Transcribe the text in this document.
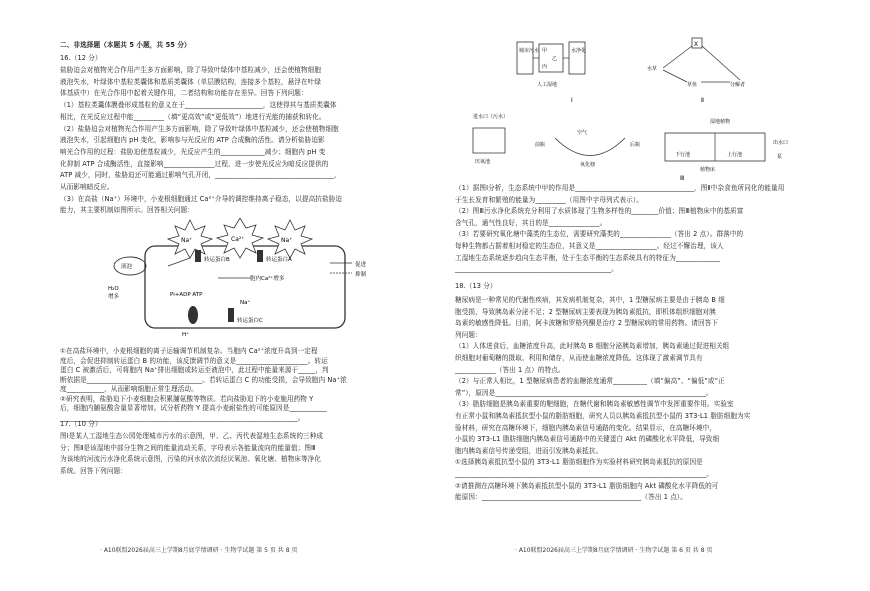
二、非选择题（本题共 5 小题，共 55 分）
16.（12 分）
盐胁迫会对植物光合作用产生多方面影响，除了导致叶绿体中基粒减少，还会使植物细胞
液泡失水，叶绿体中基粒类囊体和基质类囊体（单层膜结构，连接多个基粒，悬浮在叶绿
体基质中）在光合作用中起着关键作用，二者结构和功能存在差异。回答下列问题：
（1）基粒类囊体膜叠形成基粒的意义在于_______________________，这使得其与基质类囊体
相比，在光反应过程中能_________（填“更高效”或“更低效”）地进行光能的捕获和转化。
（2）盐胁迫会对植物光合作用产生多方面影响，除了导致叶绿体中基粒减少，还会使植物细胞
液泡失水，引起细胞内 pH 变化，影响参与光反应的 ATP 合成酶的活性。请分析盐胁迫影
响光合作用的过程：盐胁迫使基粒减少，光反应产生的_____________减少；细胞内 pH 变
化抑制 ATP 合成酶活性，直接影响_______________过程，进一步使光反应为暗反应提供的
ATP 减少，同时，盐胁迫还可能通过影响气孔开闭，___________________________________，
从而影响暗反应。
（3）在高盐（Na⁺）环境中，小麦根细胞通过 Ca²⁺介导的调控维持离子稳态，以提高抗盐胁迫
能力，其主要机制如图所示。回答相关问题：
Na⁺	Ca²⁺	Na⁺
转运蛋白B	转运蛋白A
液泡
H₂O
增多
胞内Ca²⁺增多
促进
抑制
Pi+ADP ATP
转运蛋白C
H⁺
Na⁺
①在高盐环境中，小麦根细胞的离子运输调节机制复杂。当胞内 Ca²⁺浓度升高到一定程
度后，会促进抑制转运蛋白 B 的功能，该反馈调节的意义是_____________________。转运
蛋白 C 被激活后，可将胞内 Na⁺排出细胞或转运至液泡中，此过程中能量来源于_____，判
断依据是__________________________________。若转运蛋白 C 的功能受损，会导致胞内 Na⁺浓
度___________，从而影响细胞正常生理活动。
②研究表明，盐胁迫下小麦细胞会积累脯氨酸等物质。若向盐胁迫下的小麦施用药物 Y
后，细胞内脯氨酸含量显著增加。试分析药物 Y 提高小麦耐盐性的可能原因是___________
______________________________________________________________________。
17.（10 分）
图Ⅰ是某人工湿地生态公园处理城市污水的示意图，甲、乙、丙代表湿地生态系统的三种成
分；图Ⅱ是该湿地中部分生物之间的能量流动关系，字母表示各能量流向的能量值；图Ⅲ
为该地的河流污水净化系统示意图，污染的河水依次流经厌氧池、氧化塘、植物床等净化
系统。回答下列问题：
· A10联盟2026届高三上学期8月底学情调研 · 生物学试题 第 5 页 共 8 页
城市污水	水净化
甲
乙
丙
人工湿地
Ⅰ
X
水草
草鱼	分解者
Ⅱ
进水口（污水）
厌氧池
前瓶
空气
氧化塘
后瓶
湿地植物
下行池	上行池
植物床
出水口
泵
Ⅲ
（1）据图Ⅰ分析，生态系统中甲的作用是___________________________________，图Ⅱ中杂食鱼所同化的能量用
于生长发育和繁殖的能量为_________（用图中字母列式表示）。
（2）图Ⅲ污水净化系统充分利用了水质体现了生物多样性的________价值；图Ⅲ植物床中的基质富
含气孔，通气性良好，其目的是_______________。
（3）若要研究氧化塘中藻类的生态位，需要研究藻类的_______________（答出 2 点）。群落中的
每种生物都占据着相对稳定的生态位，其意义是__________________。经过不懈治理，该人
工湿地生态系统逐步趋向生态平衡，处于生态平衡的生态系统具有的特征为_____________
______________________________________________。
18.（13 分）
糖尿病是一种常见的代谢性疾病，其发病机制复杂，其中，1 型糖尿病主要是由于胰岛 B 细
胞受损，导致胰岛素分泌不足；2 型糖尿病主要表现为胰岛素抵抗，即机体组织细胞对胰
岛素的敏感性降低。目前，阿卡波糖和罗格列酮是治疗 2 型糖尿病的常用药物。请回答下
列问题：
（1）人体进食后，血糖浓度升高，此时胰岛 B 细胞分泌胰岛素增加，胰岛素通过促进相关组
织细胞对葡萄糖的摄取、利用和储存，从而使血糖浓度降低。这体现了激素调节具有
____________（答出 1 点）的特点。
（2）与正常人相比，1 型糖尿病患者的血糖浓度通常__________（填“偏高”、“偏低”或“正
常”），原因是______________________________________________________________。
（3）脂肪细胞是胰岛素重要的靶细胞，在糖代谢和胰岛素敏感性调节中发挥重要作用。实验室
有正常小鼠和胰岛素抵抗型小鼠的脂肪细胞，研究人员以胰岛素抵抗型小鼠的 3T3-L1 脂肪细胞为实
验材料，研究在高糖环境下，细胞内胰岛素信号通路的变化。结果显示，在高糖环境中，
小鼠的 3T3-L1 脂肪细胞内胰岛素信号通路中的关键蛋白 Akt 的磷酸化水平降低，导致细
胞内胰岛素信号传递受阻，进而引发胰岛素抵抗。
①选择胰岛素抵抗型小鼠的 3T3-L1 脂肪细胞作为实验材料研究胰岛素抵抗的原因是
__________________________________________________________________________。
②请推测在高糖环境下胰岛素抵抗型小鼠的 3T3-L1 脂肪细胞内 Akt 磷酸化水平降低的可
能原因：_______________________________________________（答出 1 点）。
· A10联盟2026届高三上学期8月底学情调研 · 生物学试题 第 6 页 共 8 页
